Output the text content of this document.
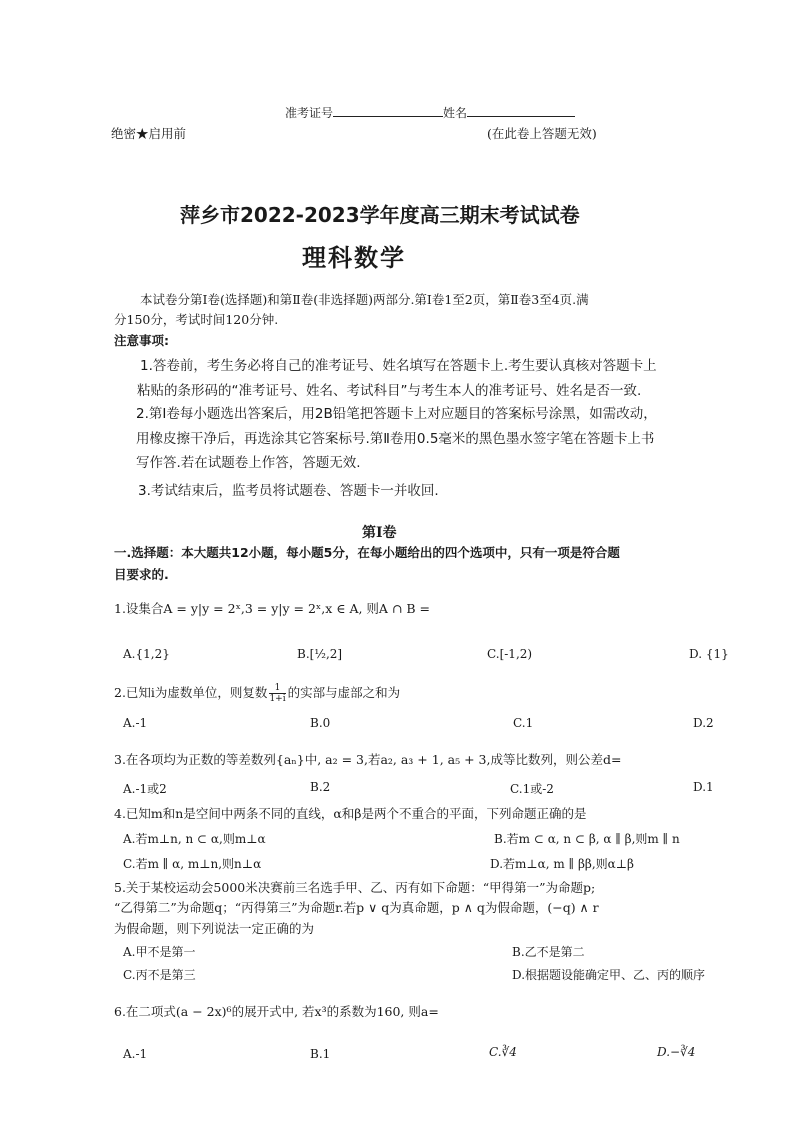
准考证号	姓名
绝密★启用前	(在此卷上答题无效)
萍乡市2022-2023学年度高三期末考试试卷
理科数学
本试卷分第Ⅰ卷(选择题)和第Ⅱ卷(非选择题)两部分.第Ⅰ卷1至2页，第Ⅱ卷3至4页.满
分150分，考试时间120分钟.
注意事项:
1.答卷前，考生务必将自己的准考证号、姓名填写在答题卡上.考生要认真核对答题卡上
粘贴的条形码的“准考证号、姓名、考试科目”与考生本人的准考证号、姓名是否一致.
2.第Ⅰ卷每小题选出答案后，用2B铅笔把答题卡上对应题目的答案标号涂黑，如需改动，
用橡皮擦干净后，再选涂其它答案标号.第Ⅱ卷用0.5毫米的黑色墨水签字笔在答题卡上书
写作答.若在试题卷上作答，答题无效.
3.考试结束后，监考员将试题卷、答题卡一并收回.
第Ⅰ卷
一.选择题：本大题共12小题，每小题5分，在每小题给出的四个选项中，只有一项是符合题
目要求的.
1.设集合A = y|y = 2ˣ,3 = y|y = 2ˣ,x ∈ A, 则A ∩ B =
A.{1,2}	B.[½,2]	C.[-1,2)	D. {1}
2.已知i为虚数单位，则复数 $\frac{1}{1+i}$ 的实部与虚部之和为
A.-1	B.0	C.1	D.2
3.在各项均为正数的等差数列{aₙ}中, a₂ = 3,若a₂, a₃ + 1, a₅ + 3,成等比数列，则公差d=
A.-1或2	B.2	C.1或-2	D.1
4.已知m和n是空间中两条不同的直线，α和β是两个不重合的平面，下列命题正确的是
A.若m⊥n, n ⊂ α,则m⊥α	B.若m ⊂ α, n ⊂ β, α ∥ β,则m ∥ n
C.若m ∥ α, m⊥n,则n⊥α	D.若m⊥α, m ∥ ββ,则α⊥β
5.关于某校运动会5000米决赛前三名选手甲、乙、丙有如下命题：“甲得第一”为命题p;
“乙得第二”为命题q；“丙得第三”为命题r.若p ∨ q为真命题，p ∧ q为假命题，(−q) ∧ r
为假命题，则下列说法一定正确的为
A.甲不是第一	B.乙不是第二
C.丙不是第三	D.根据题设能确定甲、乙、丙的顺序
6.在二项式(a − 2x)⁶的展开式中, 若x³的系数为160, 则a=
A.-1	B.1	C.∛4	D.−∛4
